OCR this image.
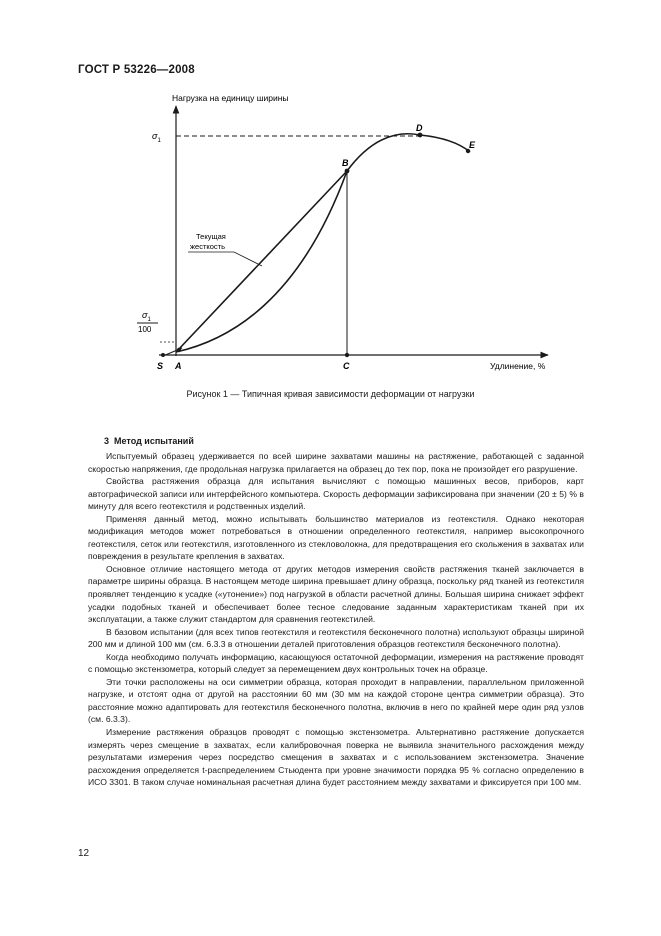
ГОСТ Р 53226—2008
Нагрузка на единицу ширины
Удлинение, %
$\sigma_1$
$\sigma_1$
100
Текущая
жесткость
S A
B
C
D
E
Рисунок 1 — Типичная кривая зависимости деформации от нагрузки
3 Метод испытаний

Испытуемый образец удерживается по всей ширине захватами машины на растяжение, работающей с заданной скоростью напряжения, где продольная нагрузка прилагается на образец до тех пор, пока не произойдет его разрушение.

Свойства растяжения образца для испытания вычисляют с помощью машинных весов, приборов, карт автографической записи или интерфейсного компьютера. Скорость деформации зафиксирована при значении (20 ± 5) % в минуту для всего геотекстиля и родственных изделий.

Применяя данный метод, можно испытывать большинство материалов из геотекстиля. Однако некоторая модификация методов может потребоваться в отношении определенного геотекстиля, например высокопрочного геотекстиля, сеток или геотекстиля, изготовленного из стекловолокна, для предотвращения его скольжения в захватах или повреждения в результате крепления в захватах.

Основное отличие настоящего метода от других методов измерения свойств растяжения тканей заключается в параметре ширины образца. В настоящем методе ширина превышает длину образца, поскольку ряд тканей из геотекстиля проявляет тенденцию к усадке («утонение») под нагрузкой в области расчетной длины. Большая ширина снижает эффект усадки подобных тканей и обеспечивает более тесное следование заданным характеристикам тканей при их эксплуатации, а также служит стандартом для сравнения геотекстилей.

В базовом испытании (для всех типов геотекстиля и геотекстиля бесконечного полотна) используют образцы шириной 200 мм и длиной 100 мм (см. 6.3.3 в отношении деталей приготовления образцов геотекстиля бесконечного полотна).

Когда необходимо получать информацию, касающуюся остаточной деформации, измерения на растяжение проводят с помощью экстензометра, который следует за перемещением двух контрольных точек на образце.

Эти точки расположены на оси симметрии образца, которая проходит в направлении, параллельном приложенной нагрузке, и отстоят одна от другой на расстоянии 60 мм (30 мм на каждой стороне центра симметрии образца). Это расстояние можно адаптировать для геотекстиля бесконечного полотна, включив в него по крайней мере один ряд узлов (см. 6.3.3).

Измерение растяжения образцов проводят с помощью экстензометра. Альтернативно растяжение допускается измерять через смещение в захватах, если калибровочная поверка не выявила значительного расхождения между результатами измерения через посредство смещения в захватах и с использованием экстензометра. Значение расхождения определяется t-распределением Стьюдента при уровне значимости порядка 95 % согласно определению в ИСО 3301. В таком случае номинальная расчетная длина будет расстоянием между захватами и фиксируется при 100 мм.

12
